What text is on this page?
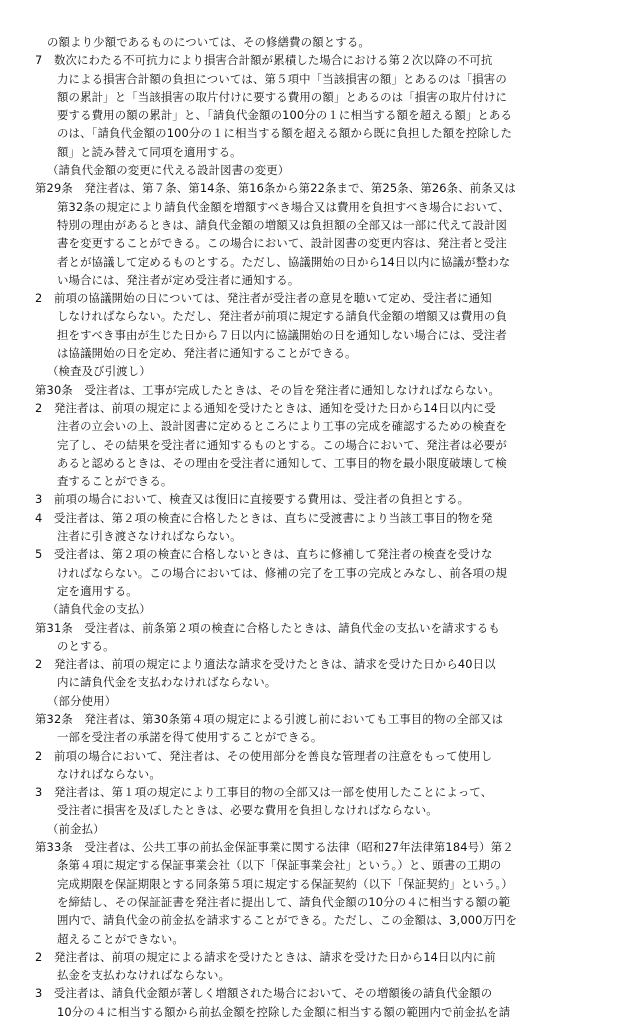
の額より少額であるものについては、その修繕費の額とする。
7　数次にわたる不可抗力により損害合計額が累積した場合における第２次以降の不可抗
力による損害合計額の負担については、第５項中「当該損害の額」とあるのは「損害の
額の累計」と「当該損害の取片付けに要する費用の額」とあるのは「損害の取片付けに
要する費用の額の累計」と、「請負代金額の100分の１に相当する額を超える額」とある
のは、「請負代金額の100分の１に相当する額を超える額から既に負担した額を控除した
額」と読み替えて同項を適用する。
（請負代金額の変更に代える設計図書の変更）
第29条　発注者は、第７条、第14条、第16条から第22条まで、第25条、第26条、前条又は
第32条の規定により請負代金額を増額すべき場合又は費用を負担すべき場合において、
特別の理由があるときは、請負代金額の増額又は負担額の全部又は一部に代えて設計図
書を変更することができる。この場合において、設計図書の変更内容は、発注者と受注
者とが協議して定めるものとする。ただし、協議開始の日から14日以内に協議が整わな
い場合には、発注者が定め受注者に通知する。
2　前項の協議開始の日については、発注者が受注者の意見を聴いて定め、受注者に通知
しなければならない。ただし、発注者が前項に規定する請負代金額の増額又は費用の負
担をすべき事由が生じた日から７日以内に協議開始の日を通知しない場合には、受注者
は協議開始の日を定め、発注者に通知することができる。
（検査及び引渡し）
第30条　受注者は、工事が完成したときは、その旨を発注者に通知しなければならない。
2　発注者は、前項の規定による通知を受けたときは、通知を受けた日から14日以内に受
注者の立会いの上、設計図書に定めるところにより工事の完成を確認するための検査を
完了し、その結果を受注者に通知するものとする。この場合において、発注者は必要が
あると認めるときは、その理由を受注者に通知して、工事目的物を最小限度破壊して検
査することができる。
3　前項の場合において、検査又は復旧に直接要する費用は、受注者の負担とする。
4　受注者は、第２項の検査に合格したときは、直ちに受渡書により当該工事目的物を発
注者に引き渡さなければならない。
5　受注者は、第２項の検査に合格しないときは、直ちに修補して発注者の検査を受けな
ければならない。この場合においては、修補の完了を工事の完成とみなし、前各項の規
定を適用する。
（請負代金の支払）
第31条　受注者は、前条第２項の検査に合格したときは、請負代金の支払いを請求するも
のとする。
2　発注者は、前項の規定により適法な請求を受けたときは、請求を受けた日から40日以
内に請負代金を支払わなければならない。
（部分使用）
第32条　発注者は、第30条第４項の規定による引渡し前においても工事目的物の全部又は
一部を受注者の承諾を得て使用することができる。
2　前項の場合において、発注者は、その使用部分を善良な管理者の注意をもって使用し
なければならない。
3　発注者は、第１項の規定により工事目的物の全部又は一部を使用したことによって、
受注者に損害を及ぼしたときは、必要な費用を負担しなければならない。
（前金払）
第33条　受注者は、公共工事の前払金保証事業に関する法律（昭和27年法律第184号）第２
条第４項に規定する保証事業会社（以下「保証事業会社」という。）と、頭書の工期の
完成期限を保証期限とする同条第５項に規定する保証契約（以下「保証契約」という。）
を締結し、その保証証書を発注者に提出して、請負代金額の10分の４に相当する額の範
囲内で、請負代金の前金払を請求することができる。ただし、この金額は、3,000万円を
超えることができない。
2　発注者は、前項の規定による請求を受けたときは、請求を受けた日から14日以内に前
払金を支払わなければならない。
3　受注者は、請負代金額が著しく増額された場合において、その増額後の請負代金額の
10分の４に相当する額から前払金額を控除した金額に相当する額の範囲内で前金払を請
